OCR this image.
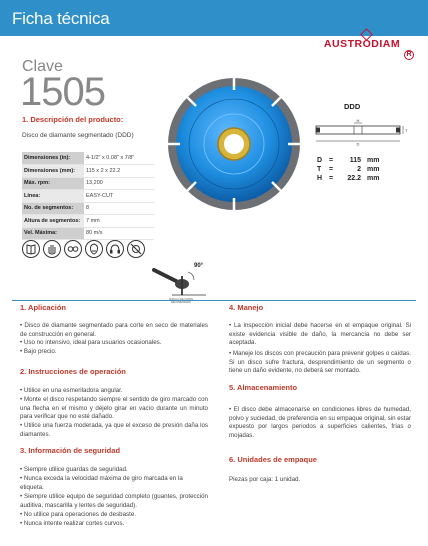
Ficha técnica
AUSTRODIAM
R
Clave
1505
1. Descripción del producto:
Disco de diamante segmentado (DDD)
Dimensiones (in):	4-1/2" x 0.08" x 7/8"
Dimensiones (mm):	115 x 2 x 22.2
Máx. rpm:	13,200
Línea:	EASY-CUT
No. de segmentos:	8
Altura de segmentos:	7 mm
Vel. Máxima:	80 m/s
DDD
H
T
D
D =	115 mm
T	=	2 mm
H =	22.2 mm
90°
RECOMENDADO
1. Aplicación

• Disco de diamante segmentado para corte en seco de materiales de construcción en general.

• Uso no intensivo, ideal para usuarios ocasionales.

• Bajo precio.

2. Instrucciones de operación

• Utilice en una esmeriladora angular.

• Monte el disco respetando siempre el sentido de giro marcado con una flecha en el mismo y déjelo girar en vacío durante un minuto para verificar que no esté dañado.

• Utilice una fuerza moderada, ya que el exceso de presión daña los diamantes.

3. Información de seguridad

• Siempre utilice guardas de seguridad.

• Nunca exceda la velocidad máxima de giro marcada en la etiqueta.

• Siempre utilice equipo de seguridad completo (guantes, protección auditiva, mascarilla y lentes de seguridad).

• No utilice para operaciones de desbaste.

• Nunca intente realizar cortes curvos.

4. Manejo

• La inspección inicial debe hacerse en el empaque original. Si existe evidencia visible de daño, la mercancía no debe ser aceptada.

• Maneje los discos con precaución para prevenir golpes o caídas. Si un disco sufre fractura, desprendimiento de un segmento o tiene un daño evidente, no deberá ser montado.

5. Almacenamiento

• El disco debe almacenarse en condiciones libres de humedad, polvo y suciedad, de preferencia en su empaque original, sin estar expuesto por largos periodos a superficies calientes, frías o mojadas.

6. Unidades de empaque

Piezas por caja: 1 unidad.
